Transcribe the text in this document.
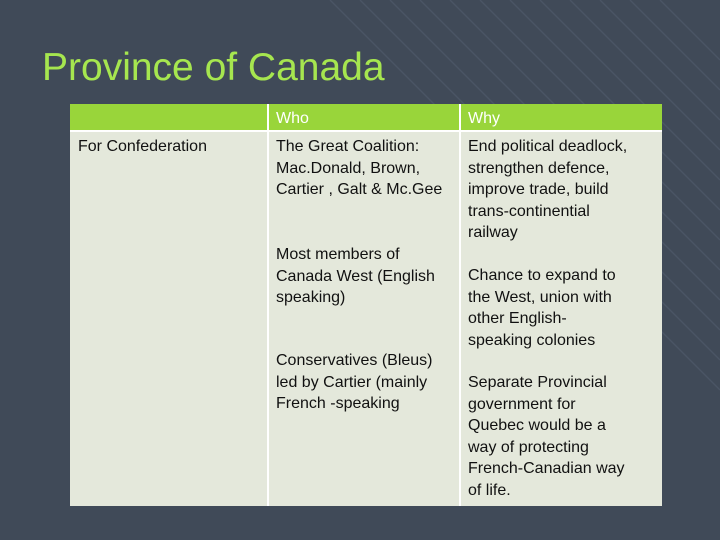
Province of Canada
Who	Why
For Confederation	The Great Coalition:
Mac.Donald, Brown,
Cartier , Galt & Mc.Gee
End political deadlock,
strengthen defence,
improve trade, build
trans-continential
railway
Most members of
Canada West (English
speaking)
Chance to expand to
the West, union with
other English-
speaking colonies
Conservatives (Bleus)
led by Cartier (mainly
French -speaking
Separate Provincial
government for
Quebec would be a
way of protecting
French-Canadian way
of life.
